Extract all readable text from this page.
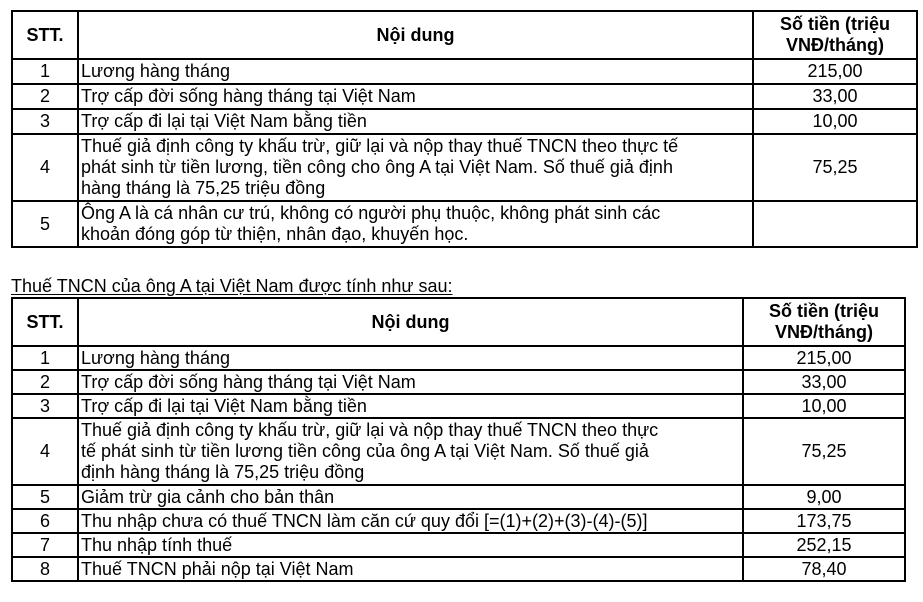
STT.	Nội dung	Số tiền (triệu
VNĐ/tháng)

1	Lương hàng tháng	215,00
2	Trợ cấp đời sống hàng tháng tại Việt Nam	33,00
3	Trợ cấp đi lại tại Việt Nam bằng tiền	10,00
4	Thuế giả định công ty khấu trừ, giữ lại và nộp thay thuế TNCN theo thực tế
phát sinh từ tiền lương, tiền công cho ông A tại Việt Nam. Số thuế giả định
hàng tháng là 75,25 triệu đồng	75,25
5	Ông A là cá nhân cư trú, không có người phụ thuộc, không phát sinh các
khoản đóng góp từ thiện, nhân đạo, khuyến học.	

Thuế TNCN của ông A tại Việt Nam được tính như sau:
STT.	Nội dung	Số tiền (triệu
VNĐ/tháng)

1	Lương hàng tháng	215,00
2	Trợ cấp đời sống hàng tháng tại Việt Nam	33,00
3	Trợ cấp đi lại tại Việt Nam bằng tiền	10,00
4	Thuế giả định công ty khấu trừ, giữ lại và nộp thay thuế TNCN theo thực
tế phát sinh từ tiền lương tiền công của ông A tại Việt Nam. Số thuế giả
định hàng tháng là 75,25 triệu đồng	75,25
5	Giảm trừ gia cảnh cho bản thân	9,00
6	Thu nhập chưa có thuế TNCN làm căn cứ quy đổi [=(1)+(2)+(3)-(4)-(5)]	173,75
7	Thu nhập tính thuế	252,15
8	Thuế TNCN phải nộp tại Việt Nam	78,40
